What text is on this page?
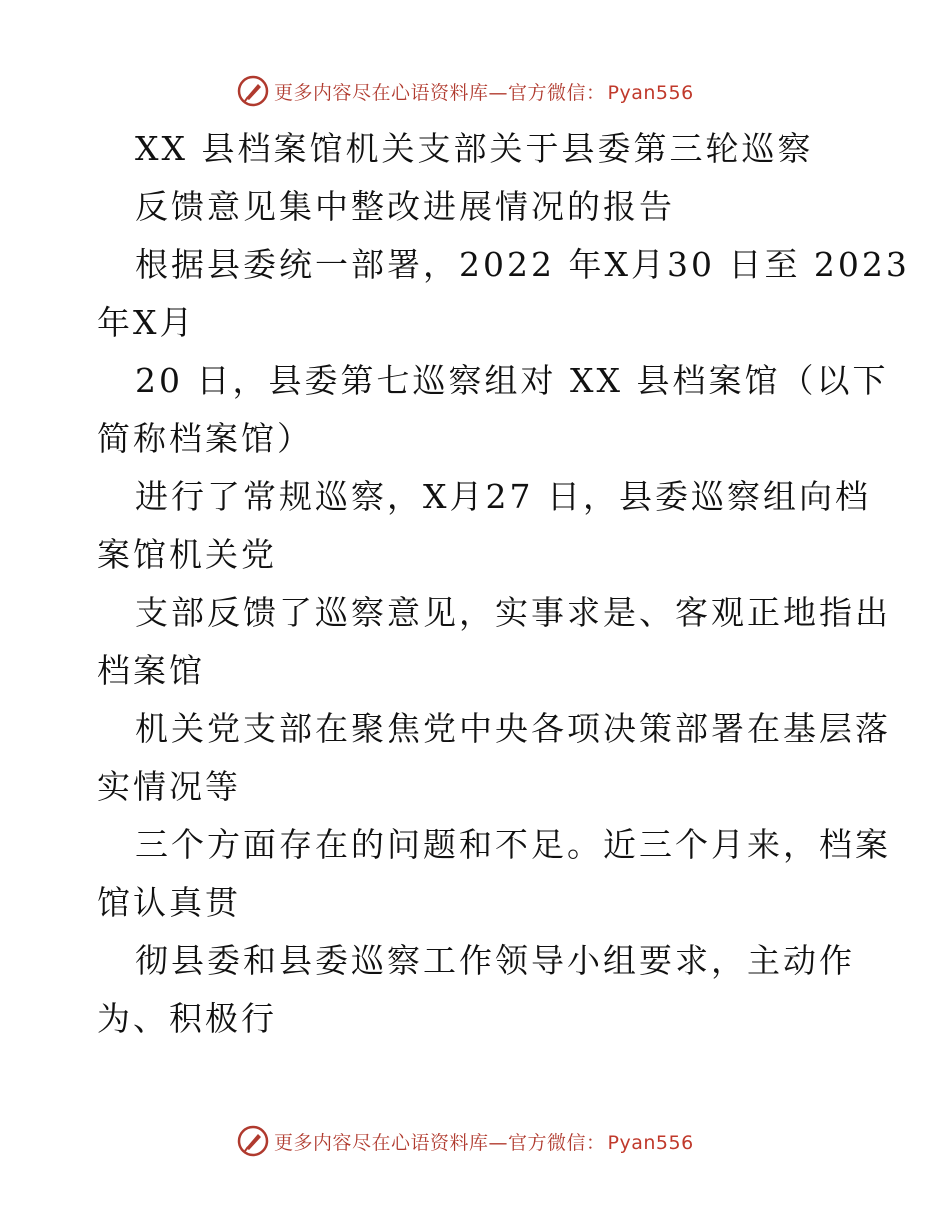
更多内容尽在心语资料库—官方微信： Pyan556
XX 县档案馆机关支部关于县委第三轮巡察
反馈意见集中整改进展情况的报告
根据县委统一部署，2022 年X月30 日至 2023
年X月
20 日，县委第七巡察组对 XX 县档案馆（以下
简称档案馆）
进行了常规巡察，X月27 日，县委巡察组向档
案馆机关党
支部反馈了巡察意见，实事求是、客观正地指出
档案馆
机关党支部在聚焦党中央各项决策部署在基层落
实情况等
三个方面存在的问题和不足。近三个月来，档案
馆认真贯
彻县委和县委巡察工作领导小组要求，主动作
为、积极行
更多内容尽在心语资料库—官方微信： Pyan556
